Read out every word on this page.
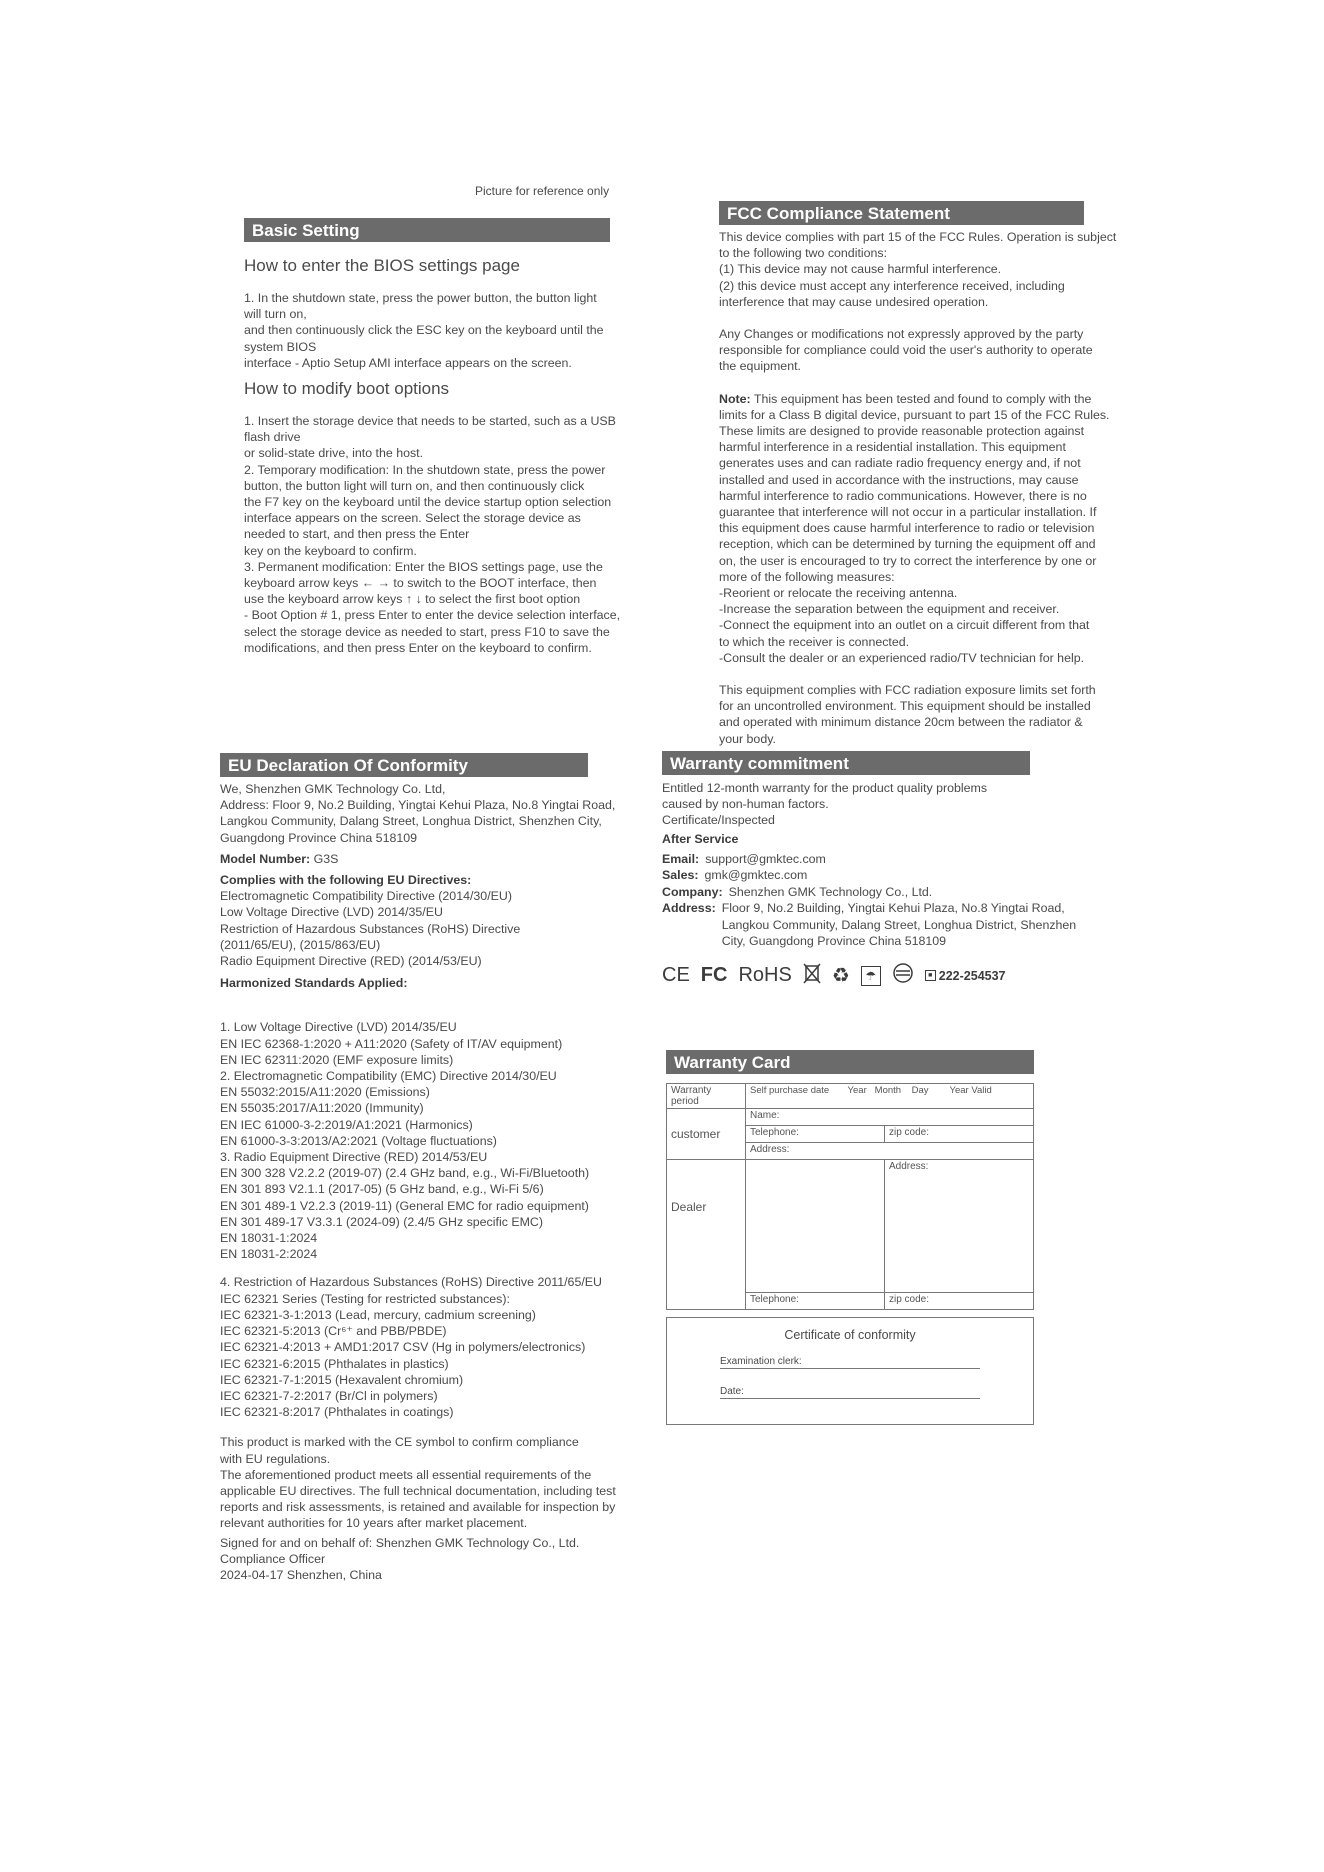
Picture for reference only
Basic Setting

How to enter the BIOS settings page

1. In the shutdown state, press the power button, the button light
will turn on,
and then continuously click the ESC key on the keyboard until the
system BIOS
interface - Aptio Setup AMI interface appears on the screen.

How to modify boot options

1. Insert the storage device that needs to be started, such as a USB
flash drive
or solid-state drive, into the host.
2. Temporary modification: In the shutdown state, press the power
button, the button light will turn on, and then continuously click
the F7 key on the keyboard until the device startup option selection
interface appears on the screen. Select the storage device as
needed to start, and then press the Enter
key on the keyboard to confirm.
3. Permanent modification: Enter the BIOS settings page, use the
keyboard arrow keys ← → to switch to the BOOT interface, then
use the keyboard arrow keys ↑ ↓ to select the first boot option
- Boot Option # 1, press Enter to enter the device selection interface,
select the storage device as needed to start, press F10 to save the
modifications, and then press Enter on the keyboard to confirm.
FCC Compliance Statement
This device complies with part 15 of the FCC Rules. Operation is subject
to the following two conditions:
(1) This device may not cause harmful interference.
(2) this device must accept any interference received, including
interference that may cause undesired operation.
Any Changes or modifications not expressly approved by the party
responsible for compliance could void the user's authority to operate
the equipment.
Note: This equipment has been tested and found to comply with the
limits for a Class B digital device, pursuant to part 15 of the FCC Rules.
These limits are designed to provide reasonable protection against
harmful interference in a residential installation. This equipment
generates uses and can radiate radio frequency energy and, if not
installed and used in accordance with the instructions, may cause
harmful interference to radio communications. However, there is no
guarantee that interference will not occur in a particular installation. If
this equipment does cause harmful interference to radio or television
reception, which can be determined by turning the equipment off and
on, the user is encouraged to try to correct the interference by one or
more of the following measures:
-Reorient or relocate the receiving antenna.
-Increase the separation between the equipment and receiver.
-Connect the equipment into an outlet on a circuit different from that
to which the receiver is connected.
-Consult the dealer or an experienced radio/TV technician for help.
This equipment complies with FCC radiation exposure limits set forth
for an uncontrolled environment. This equipment should be installed
and operated with minimum distance 20cm between the radiator &
your body.
EU Declaration Of Conformity
We, Shenzhen GMK Technology Co. Ltd,
Address: Floor 9, No.2 Building, Yingtai Kehui Plaza, No.8 Yingtai Road,
Langkou Community, Dalang Street, Longhua District, Shenzhen City,
Guangdong Province China 518109
Model Number: G3S
Complies with the following EU Directives:
Electromagnetic Compatibility Directive (2014/30/EU)
Low Voltage Directive (LVD) 2014/35/EU
Restriction of Hazardous Substances (RoHS) Directive
(2011/65/EU), (2015/863/EU)
Radio Equipment Directive (RED) (2014/53/EU)
Harmonized Standards Applied:
1. Low Voltage Directive (LVD) 2014/35/EU
EN IEC 62368-1:2020 + A11:2020 (Safety of IT/AV equipment)
EN IEC 62311:2020 (EMF exposure limits)
2. Electromagnetic Compatibility (EMC) Directive 2014/30/EU
EN 55032:2015/A11:2020 (Emissions)
EN 55035:2017/A11:2020 (Immunity)
EN IEC 61000-3-2:2019/A1:2021 (Harmonics)
EN 61000-3-3:2013/A2:2021 (Voltage fluctuations)
3. Radio Equipment Directive (RED) 2014/53/EU
EN 300 328 V2.2.2 (2019-07) (2.4 GHz band, e.g., Wi-Fi/Bluetooth)
EN 301 893 V2.1.1 (2017-05) (5 GHz band, e.g., Wi-Fi 5/6)
EN 301 489-1 V2.2.3 (2019-11) (General EMC for radio equipment)
EN 301 489-17 V3.3.1 (2024-09) (2.4/5 GHz specific EMC)
EN 18031-1:2024
EN 18031-2:2024
4. Restriction of Hazardous Substances (RoHS) Directive 2011/65/EU
IEC 62321 Series (Testing for restricted substances):
IEC 62321-3-1:2013 (Lead, mercury, cadmium screening)
IEC 62321-5:2013 (Cr⁶⁺ and PBB/PBDE)
IEC 62321-4:2013 + AMD1:2017 CSV (Hg in polymers/electronics)
IEC 62321-6:2015 (Phthalates in plastics)
IEC 62321-7-1:2015 (Hexavalent chromium)
IEC 62321-7-2:2017 (Br/Cl in polymers)
IEC 62321-8:2017 (Phthalates in coatings)
This product is marked with the CE symbol to confirm compliance
with EU regulations.
The aforementioned product meets all essential requirements of the
applicable EU directives. The full technical documentation, including test
reports and risk assessments, is retained and available for inspection by
relevant authorities for 10 years after market placement.
Signed for and on behalf of: Shenzhen GMK Technology Co., Ltd.
Compliance Officer
2024-04-17 Shenzhen, China
Warranty commitment
Entitled 12-month warranty for the product quality problems
caused by non-human factors.
Certificate/Inspected
After Service
Email: support@gmktec.com
Sales: gmk@gmktec.com
Company: Shenzhen GMK Technology Co., Ltd.
Address: Floor 9, No.2 Building, Yingtai Kehui Plaza, No.8 Yingtai Road,
Langkou Community, Dalang Street, Longhua District, Shenzhen
City, Guangdong Province China 518109
CE FC RoHS ♻	☂	■ 222-254537
Warranty Card
Warranty period	Self purchase date Year Month Day Year Valid	
customer	Name:	
	Telephone:	zip code:
	Address:	
Dealer		Address:
	Telephone:	zip code:
Certificate of conformity
Examination clerk:
Date:
